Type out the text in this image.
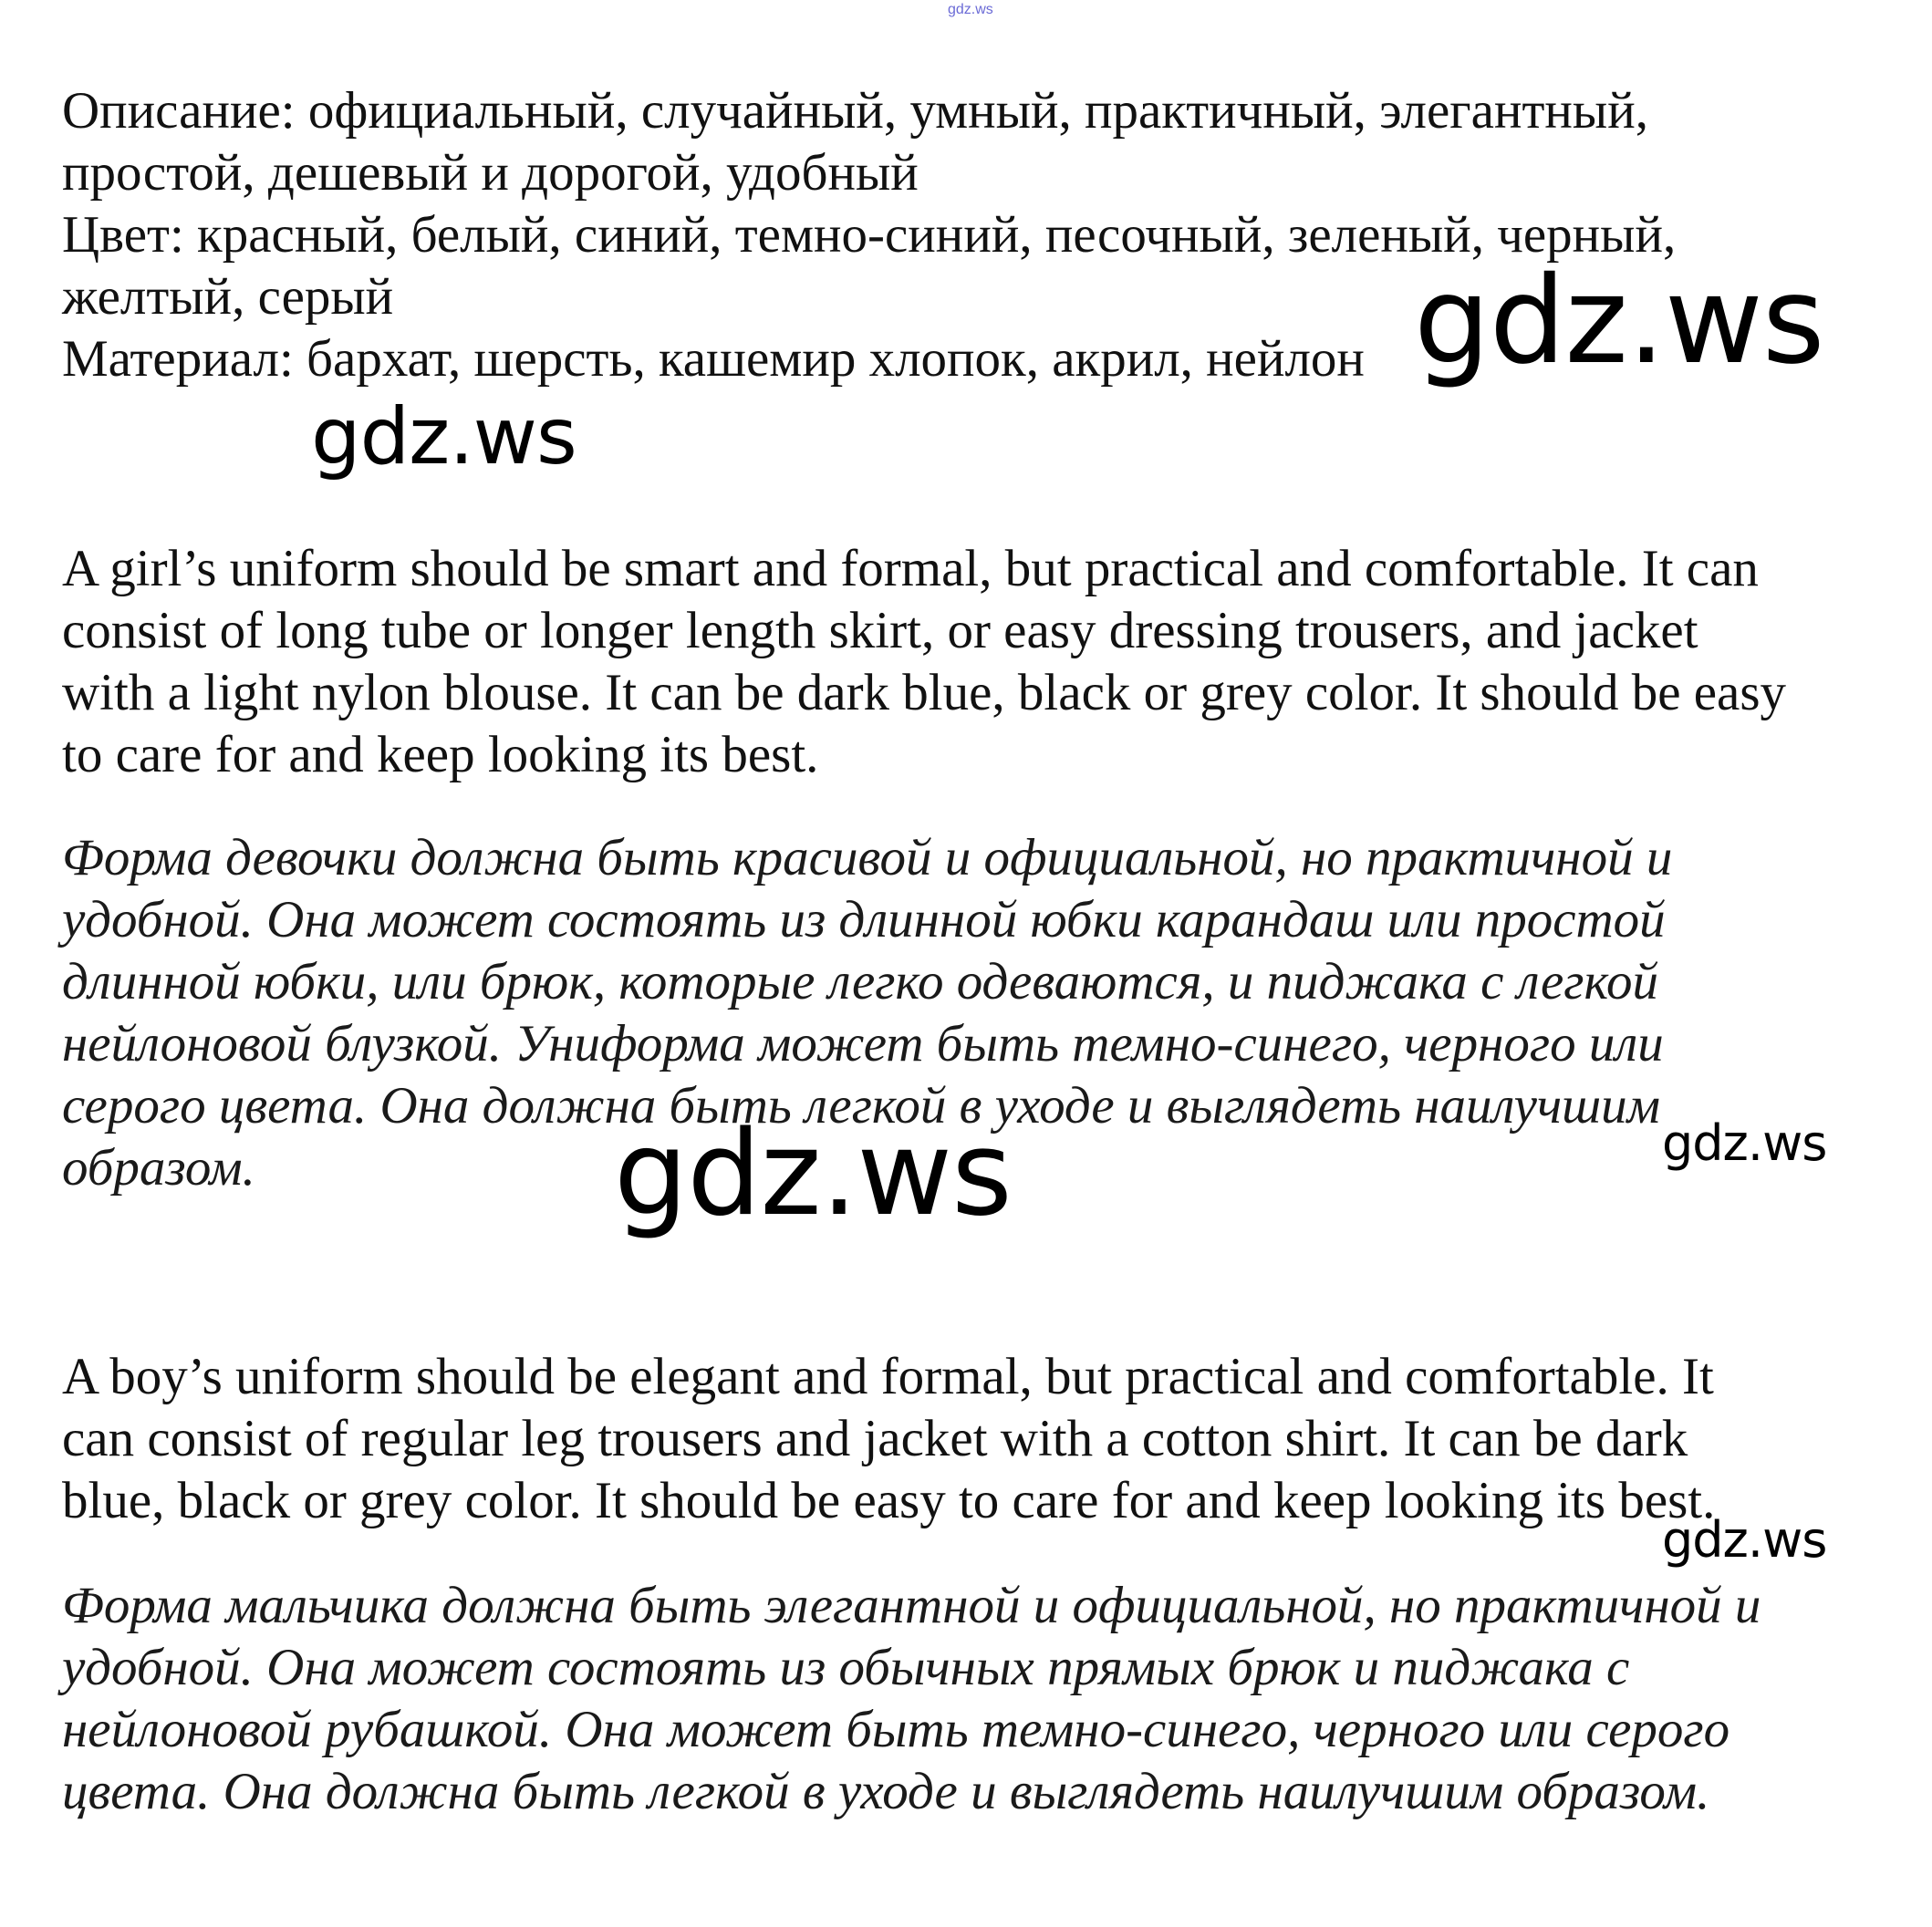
gdz.ws

Описание: официальный, случайный, умный, практичный, элегантный,
простой, дешевый и дорогой, удобный
Цвет: красный, белый, синий, темно-синий, песочный, зеленый, черный,
желтый, серый
Материал: бархат, шерсть, кашемир хлопок, акрил, нейлон

A girl’s uniform should be smart and formal, but practical and comfortable. It can
consist of long tube or longer length skirt, or easy dressing trousers, and jacket
with a light nylon blouse. It can be dark blue, black or grey color. It should be easy
to care for and keep looking its best.

Форма девочки должна быть красивой и официальной, но практичной и
удобной. Она может состоять из длинной юбки карандаш или простой
длинной юбки, или брюк, которые легко одеваются, и пиджака с легкой
нейлоновой блузкой. Униформа может быть темно-синего, черного или
серого цвета. Она должна быть легкой в уходе и выглядеть наилучшим
образом.

A boy’s uniform should be elegant and formal, but practical and comfortable. It
can consist of regular leg trousers and jacket with a cotton shirt. It can be dark
blue, black or grey color. It should be easy to care for and keep looking its best.

Форма мальчика должна быть элегантной и официальной, но практичной и
удобной. Она может состоять из обычных прямых брюк и пиджака с
нейлоновой рубашкой. Она может быть темно-синего, черного или серого
цвета. Она должна быть легкой в уходе и выглядеть наилучшим образом.

gdz.ws
gdz.ws
gdz.ws	gdz.ws
gdz.ws
